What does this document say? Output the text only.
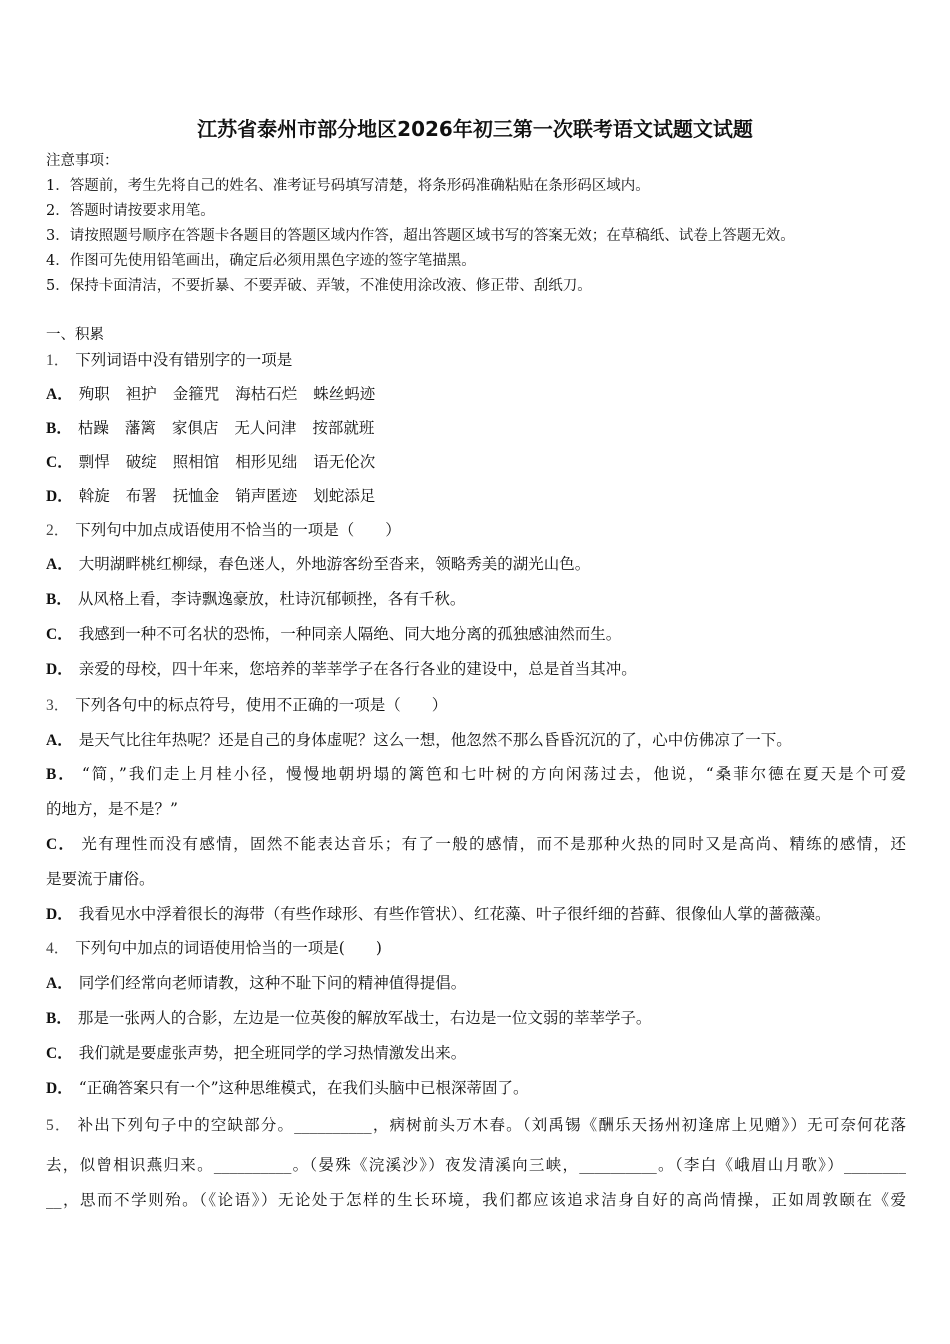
江苏省泰州市部分地区2026年初三第一次联考语文试题文试题
注意事项：
1．答题前，考生先将自己的姓名、准考证号码填写清楚，将条形码准确粘贴在条形码区域内。
2．答题时请按要求用笔。
3．请按照题号顺序在答题卡各题目的答题区域内作答，超出答题区域书写的答案无效；在草稿纸、试卷上答题无效。
4．作图可先使用铅笔画出，确定后必须用黑色字迹的签字笔描黑。
5．保持卡面清洁，不要折暴、不要弄破、弄皱，不准使用涂改液、修正带、刮纸刀。
一、积累
1． 下列词语中没有错别字的一项是
A． 殉职 袒护 金箍咒 海枯石烂 蛛丝蚂迹
B． 枯躁 藩篱 家俱店 无人问津 按部就班
C． 剽悍 破绽 照相馆 相形见绌 语无伦次
D． 斡旋 布署 抚恤金 销声匿迹 划蛇添足
2． 下列句中加点成语使用不恰当的一项是（　　）
A． 大明湖畔桃红柳绿，春色迷人，外地游客纷至沓来，领略秀美的湖光山色。
B． 从风格上看，李诗飘逸豪放，杜诗沉郁顿挫，各有千秋。
C． 我感到一种不可名状的恐怖，一种同亲人隔绝、同大地分离的孤独感油然而生。
D． 亲爱的母校，四十年来，您培养的莘莘学子在各行各业的建设中，总是首当其冲。
3． 下列各句中的标点符号，使用不正确的一项是（　　）
A． 是天气比往年热呢？还是自己的身体虚呢？这么一想，他忽然不那么昏昏沉沉的了，心中仿佛凉了一下。
B． “简，”我们走上月桂小径，慢慢地朝坍塌的篱笆和七叶树的方向闲荡过去，他说，“桑菲尔德在夏天是个可爱
的地方，是不是？”
C． 光有理性而没有感情，固然不能表达音乐；有了一般的感情，而不是那种火热的同时又是高尚、精练的感情，还
是要流于庸俗。
D． 我看见水中浮着很长的海带（有些作球形、有些作管状）、红花藻、叶子很纤细的苔藓、很像仙人掌的蔷薇藻。
4． 下列句中加点的词语使用恰当的一项是(　　)
A． 同学们经常向老师请教，这种不耻下问的精神值得提倡。
B． 那是一张两人的合影，左边是一位英俊的解放军战士，右边是一位文弱的莘莘学子。
C． 我们就是要虚张声势，把全班同学的学习热情激发出来。
D． “正确答案只有一个”这种思维模式，在我们头脑中已根深蒂固了。
5． 补出下列句子中的空缺部分。__________，病树前头万木春。（刘禹锡《酬乐天扬州初逢席上见赠》）无可奈何花落
去，似曾相识燕归来。__________。（晏殊《浣溪沙》）夜发清溪向三峡，__________。（李白《峨眉山月歌》）________
__，思而不学则殆。（《论语》）无论处于怎样的生长环境，我们都应该追求洁身自好的高尚情操，正如周敦颐在《爱
